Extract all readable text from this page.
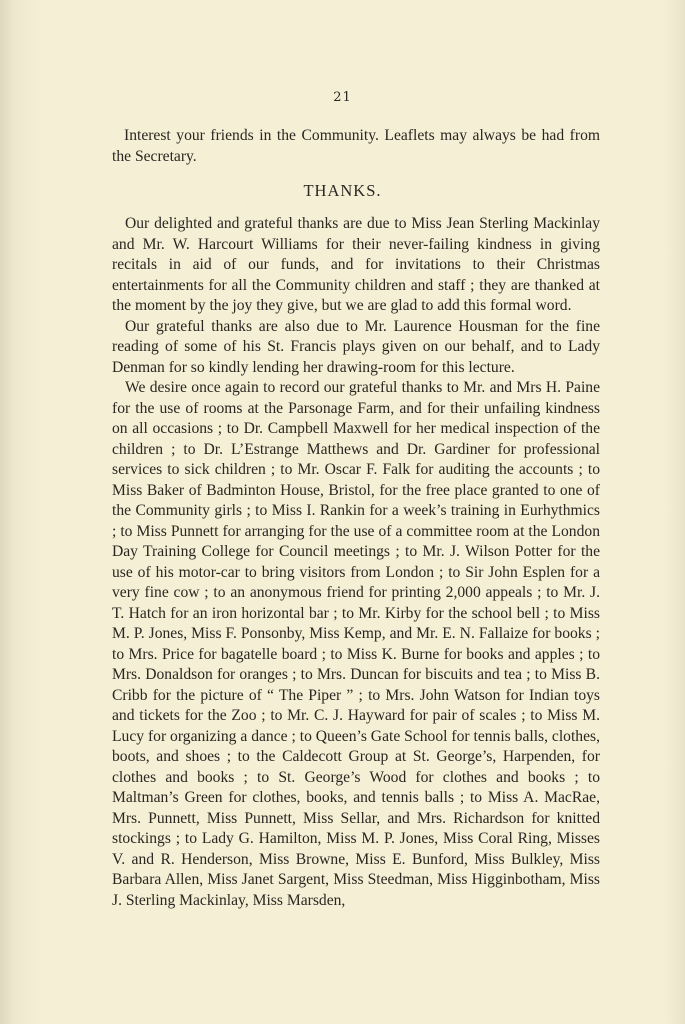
21

Interest your friends in the Community. Leaflets may always be had from the Secretary.

THANKS.

Our delighted and grateful thanks are due to Miss Jean Sterling Mackinlay and Mr. W. Harcourt Williams for their never-failing kindness in giving recitals in aid of our funds, and for invitations to their Christmas entertainments for all the Community children and staff ; they are thanked at the moment by the joy they give, but we are glad to add this formal word.

Our grateful thanks are also due to Mr. Laurence Housman for the fine reading of some of his St. Francis plays given on our behalf, and to Lady Denman for so kindly lending her drawing-room for this lecture.

We desire once again to record our grateful thanks to Mr. and Mrs H. Paine for the use of rooms at the Parsonage Farm, and for their unfailing kindness on all occasions ; to Dr. Campbell Maxwell for her medical inspection of the children ; to Dr. L’Estrange Matthews and Dr. Gardiner for professional services to sick children ; to Mr. Oscar F. Falk for auditing the accounts ; to Miss Baker of Badminton House, Bristol, for the free place granted to one of the Community girls ; to Miss I. Rankin for a week’s training in Eurhythmics ; to Miss Punnett for arranging for the use of a committee room at the London Day Training College for Council meetings ; to Mr. J. Wilson Potter for the use of his motor-car to bring visitors from London ; to Sir John Esplen for a very fine cow ; to an anonymous friend for printing 2,000 appeals ; to Mr. J. T. Hatch for an iron horizontal bar ; to Mr. Kirby for the school bell ; to Miss M. P. Jones, Miss F. Ponsonby, Miss Kemp, and Mr. E. N. Fallaize for books ; to Mrs. Price for bagatelle board ; to Miss K. Burne for books and apples ; to Mrs. Donaldson for oranges ; to Mrs. Duncan for biscuits and tea ; to Miss B. Cribb for the picture of “ The Piper ” ; to Mrs. John Watson for Indian toys and tickets for the Zoo ; to Mr. C. J. Hayward for pair of scales ; to Miss M. Lucy for organizing a dance ; to Queen’s Gate School for tennis balls, clothes, boots, and shoes ; to the Caldecott Group at St. George’s, Harpenden, for clothes and books ; to St. George’s Wood for clothes and books ; to Maltman’s Green for clothes, books, and tennis balls ; to Miss A. MacRae, Mrs. Punnett, Miss Punnett, Miss Sellar, and Mrs. Richardson for knitted stockings ; to Lady G. Hamilton, Miss M. P. Jones, Miss Coral Ring, Misses V. and R. Henderson, Miss Browne, Miss E. Bunford, Miss Bulkley, Miss Barbara Allen, Miss Janet Sargent, Miss Steedman, Miss Higginbotham, Miss J. Sterling Mackinlay, Miss Marsden,
